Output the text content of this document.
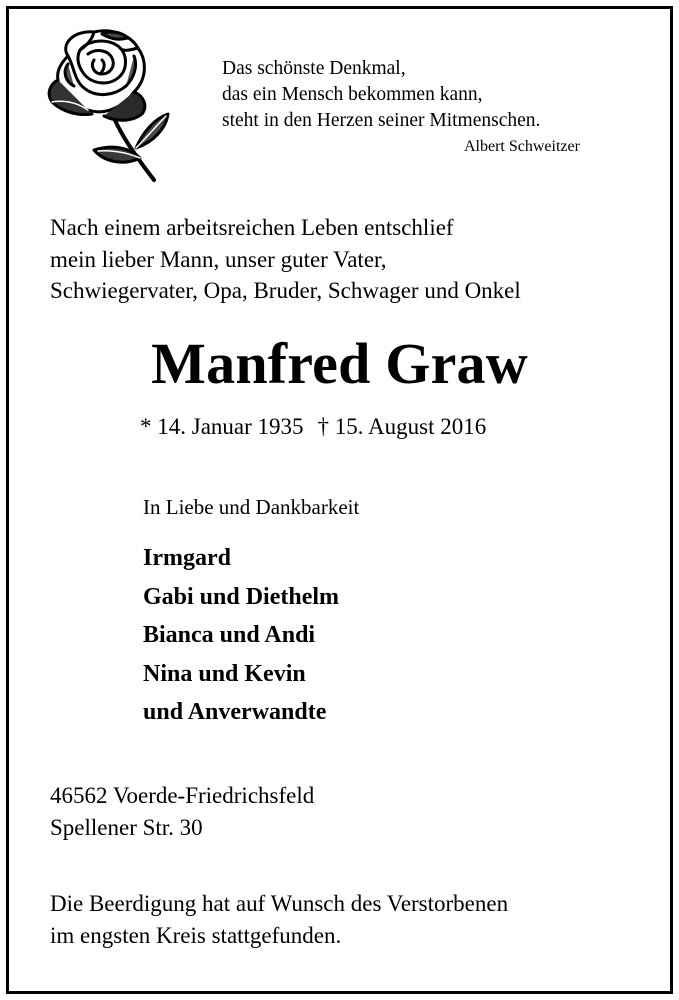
Das schönste Denkmal,
das ein Mensch bekommen kann,
steht in den Herzen seiner Mitmenschen.
Albert Schweitzer
Nach einem arbeitsreichen Leben entschlief
mein lieber Mann, unser guter Vater,
Schwiegervater, Opa, Bruder, Schwager und Onkel
Manfred Graw
* 14. Januar 1935 † 15. August 2016
In Liebe und Dankbarkeit
Irmgard
Gabi und Diethelm
Bianca und Andi
Nina und Kevin
und Anverwandte
46562 Voerde-Friedrichsfeld
Spellener Str. 30
Die Beerdigung hat auf Wunsch des Verstorbenen
im engsten Kreis stattgefunden.
